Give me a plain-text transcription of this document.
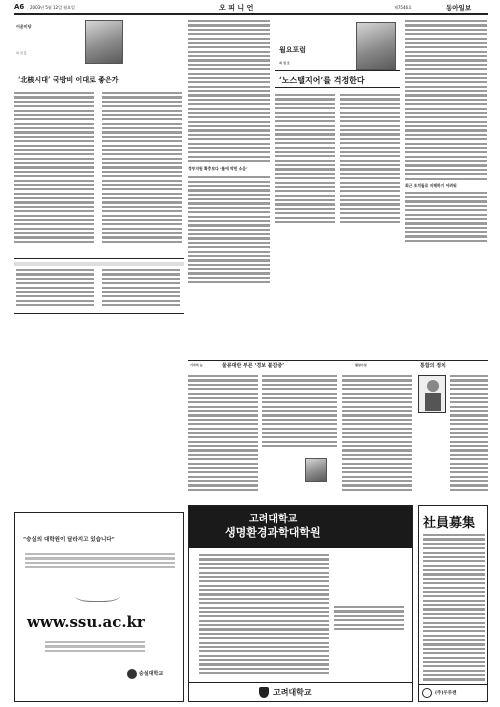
A6 2003년 5월 12일 월요일	오 피 니 언	제7546호	동아일보
어윤미당
복 진 흥
‘北核시대’ 국방비 이대로 좋은가
정부지원 확충보다 ‘틀에 박힌 소음’
월요포럼
최 정 호
‘노스탤지어’를 걱정한다
최근 조치들로 저해하기 어려워
기자의 눈	물류대란 부른 ‘경보 불감증’	횡설수설	통합의 정치
“숭실의 대학원이 달라지고 있습니다”
www.ssu.ac.kr
숭실대학교
고려대학교
생명환경과학대학원
고려대학교
社員募集
(주)두루젠
